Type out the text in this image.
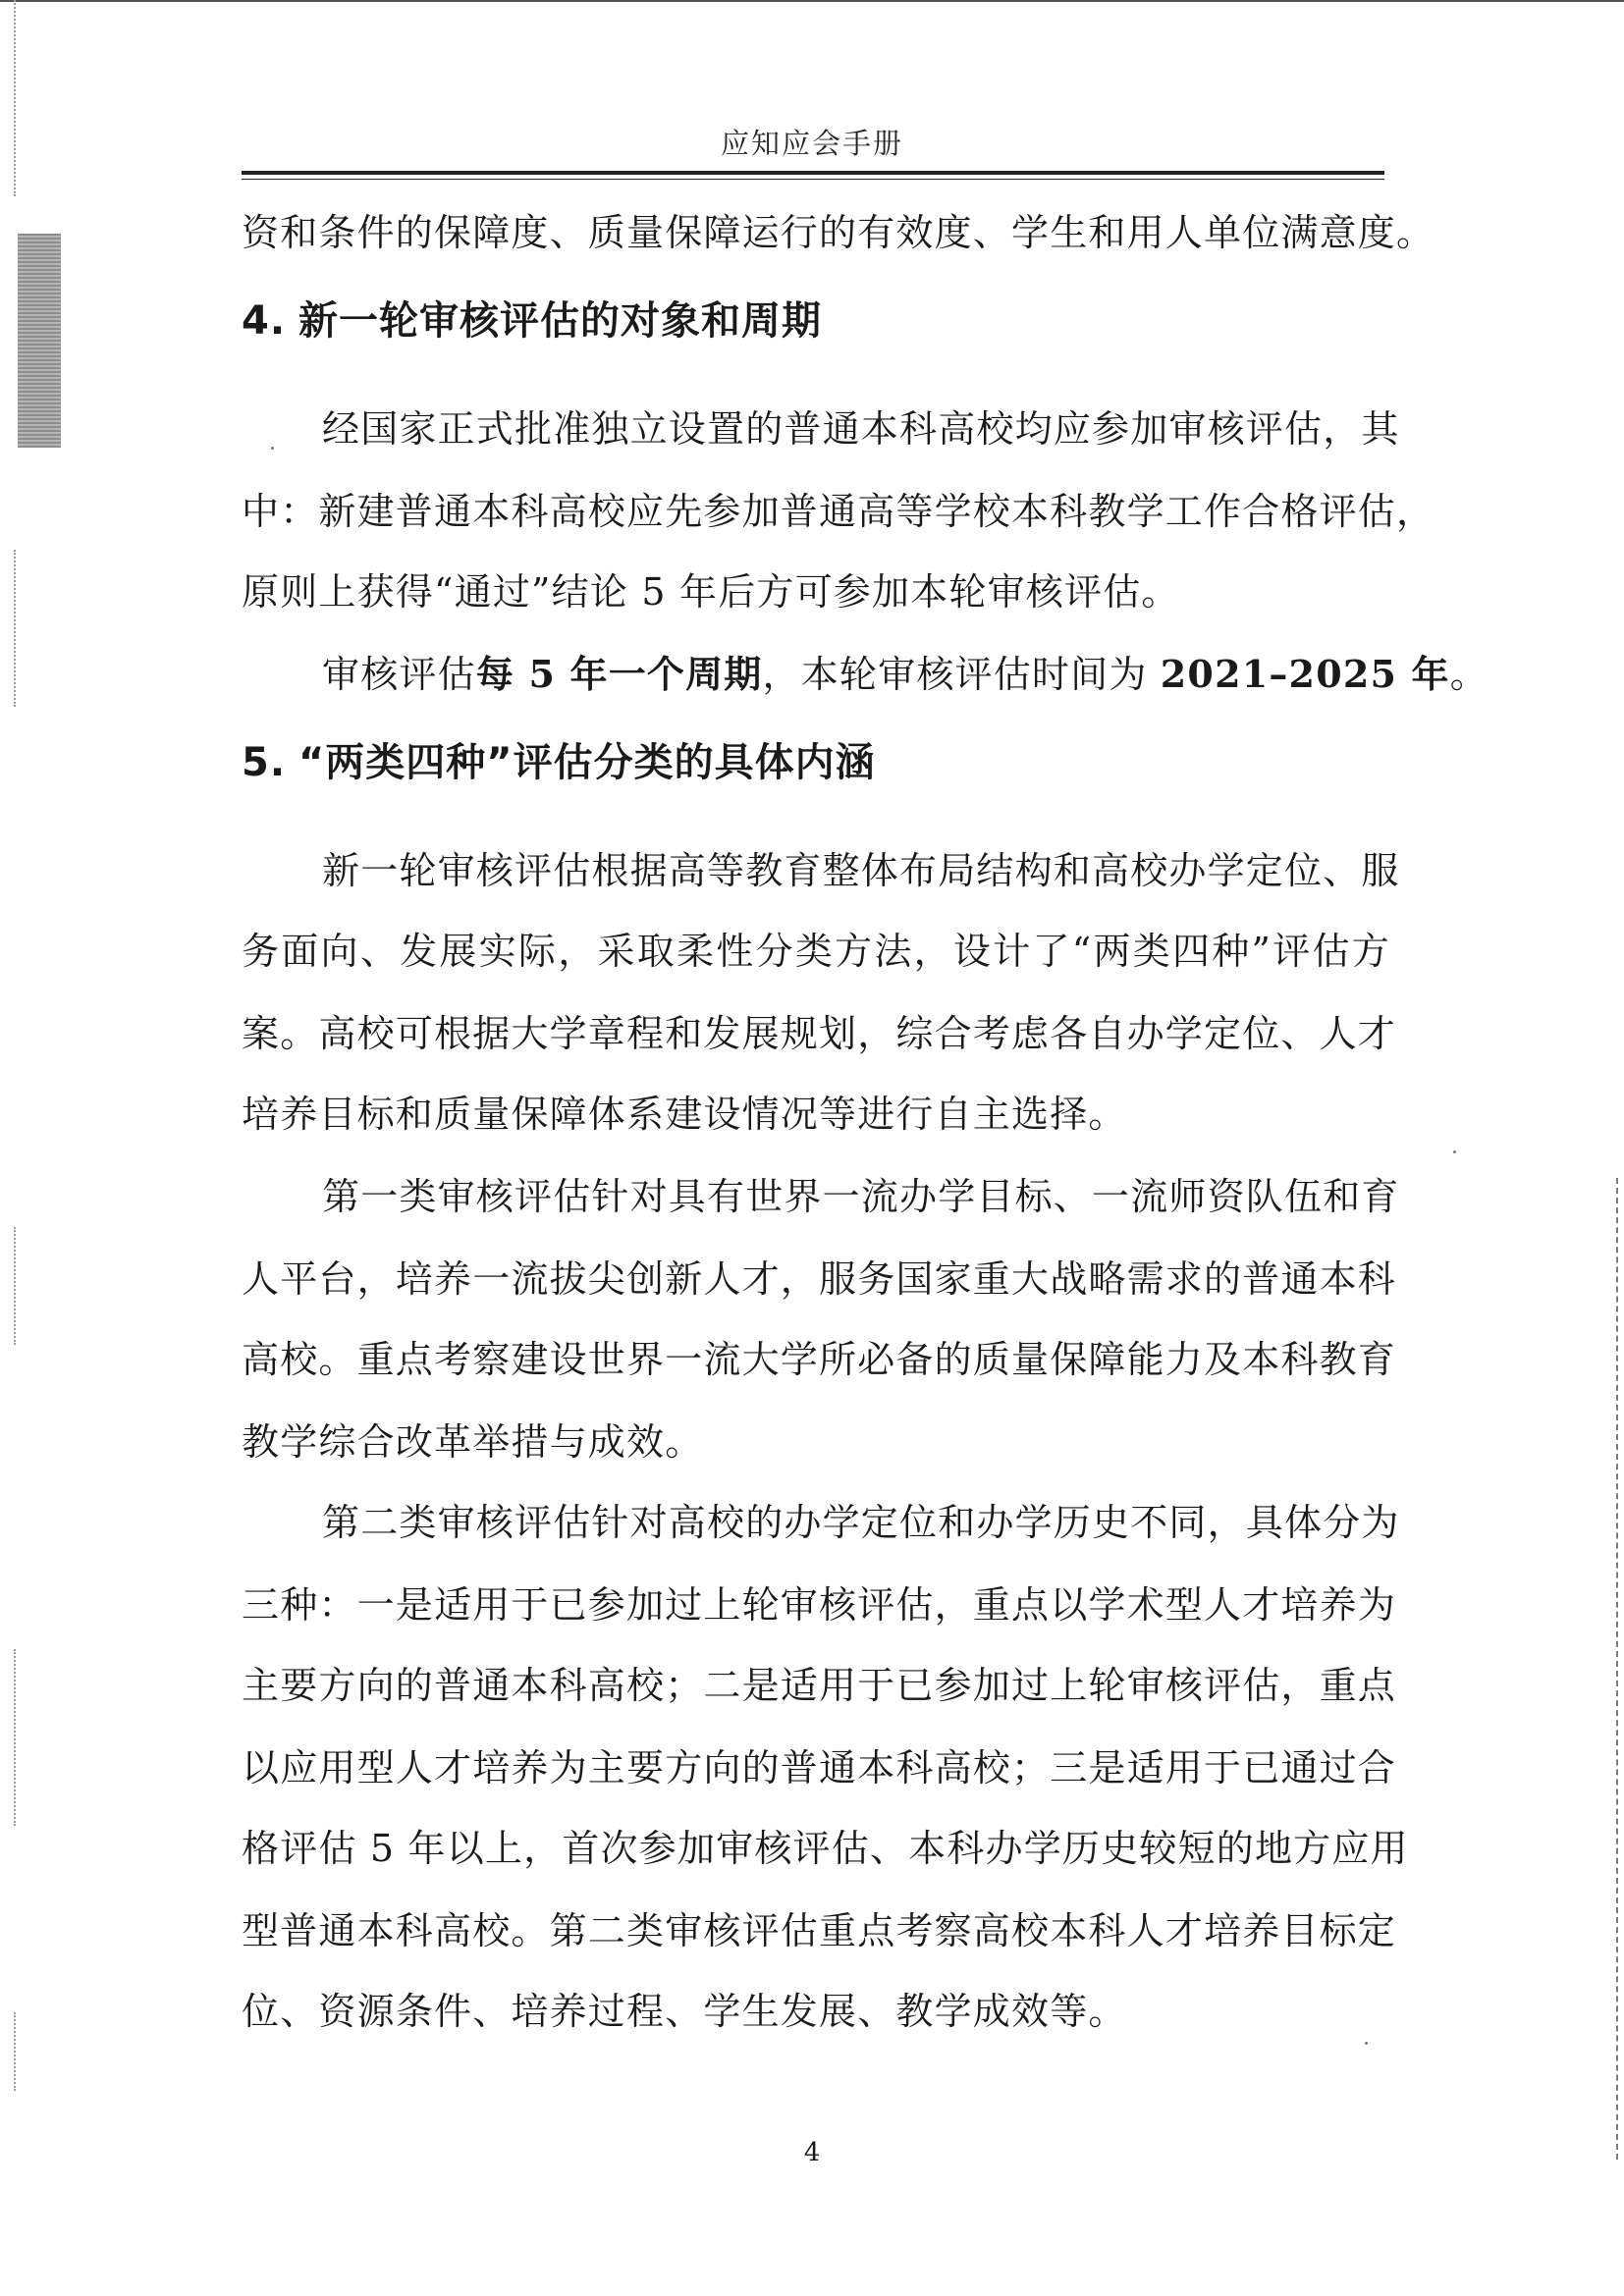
应知应会手册
资和条件的保障度、质量保障运行的有效度、学生和用人单位满意度。
4. 新一轮审核评估的对象和周期
经国家正式批准独立设置的普通本科高校均应参加审核评估，其
中：新建普通本科高校应先参加普通高等学校本科教学工作合格评估，
原则上获得“通过”结论 5 年后方可参加本轮审核评估。
审核评估每 5 年一个周期，本轮审核评估时间为 2021–2025 年。
5. “两类四种”评估分类的具体内涵
新一轮审核评估根据高等教育整体布局结构和高校办学定位、服
务面向、发展实际，采取柔性分类方法，设计了“两类四种”评估方
案。高校可根据大学章程和发展规划，综合考虑各自办学定位、人才
培养目标和质量保障体系建设情况等进行自主选择。
第一类审核评估针对具有世界一流办学目标、一流师资队伍和育
人平台，培养一流拔尖创新人才，服务国家重大战略需求的普通本科
高校。重点考察建设世界一流大学所必备的质量保障能力及本科教育
教学综合改革举措与成效。
第二类审核评估针对高校的办学定位和办学历史不同，具体分为
三种：一是适用于已参加过上轮审核评估，重点以学术型人才培养为
主要方向的普通本科高校；二是适用于已参加过上轮审核评估，重点
以应用型人才培养为主要方向的普通本科高校；三是适用于已通过合
格评估 5 年以上，首次参加审核评估、本科办学历史较短的地方应用
型普通本科高校。第二类审核评估重点考察高校本科人才培养目标定
位、资源条件、培养过程、学生发展、教学成效等。
4
